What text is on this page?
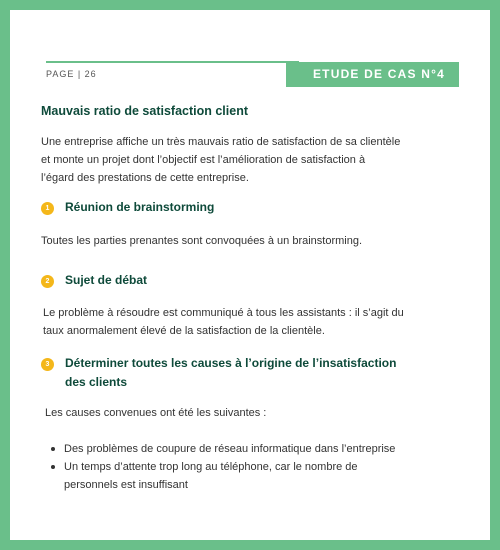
PAGE | 26	ETUDE DE CAS N°4
Mauvais ratio de satisfaction client
Une entreprise affiche un très mauvais ratio de satisfaction de sa clientèle
et monte un projet dont l’objectif est l’amélioration de satisfaction à
l’égard des prestations de cette entreprise.
1	Réunion de brainstorming
Toutes les parties prenantes sont convoquées à un brainstorming.
2	Sujet de débat
Le problème à résoudre est communiqué à tous les assistants : il s’agit du
taux anormalement élevé de la satisfaction de la clientèle.
3	Déterminer toutes les causes à l’origine de l’insatisfaction
des clients
Les causes convenues ont été les suivantes :
Des problèmes de coupure de réseau informatique dans l’entreprise
Un temps d’attente trop long au téléphone, car le nombre de
personnels est insuffisant
